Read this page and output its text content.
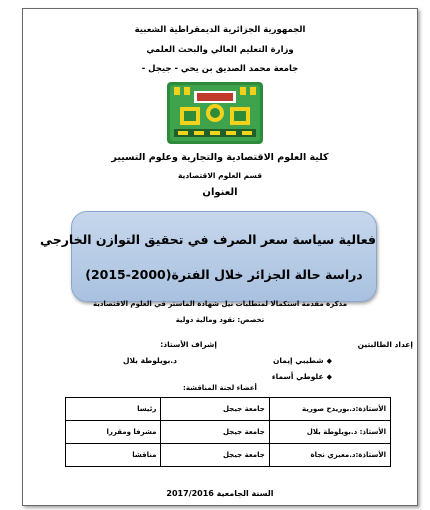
الجمهورية الجزائرية الديمقراطية الشعبية
وزارة التعليم العالي والبحث العلمي
جامعة محمد الصديق بن يحي - جيجل -
كلية العلوم الاقتصادية والتجارية وعلوم التسيير
قسم العلوم الاقتصادية
العنوان
فعالية سياسة سعر الصرف في تحقيق التوازن الخارجي
دراسة حالة الجزائر خلال الفترة(2000-2015)
مذكرة مقدمة استكمالا لمتطلبات نيل شهادة الماستر في العلوم الاقتصادية
تخصص: نقود ومالية دولية
إعداد الطالبتين
إشراف الأستاذ:
◆ شطيبي إيمان
د.بويلوطة بلال
◆ علوطي أسماء
أعضاء لجنة المناقشة:
الأستاذة:د.بوريدح صورية	جامعة جيجل	رئيسا
الأستاذ: د.بويلوطة بلال	جامعة جيجل	مشرفا ومقررا
الأستاذة:د.معيزي نجاة	جامعة جيجل	مناقشا
السنة الجامعية 2017/2016
